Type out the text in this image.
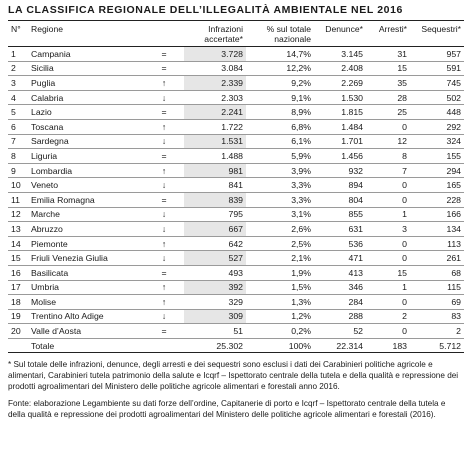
LA CLASSIFICA REGIONALE DELL’ILLEGALITÀ AMBIENTALE NEL 2016
N°	Regione		Infrazioni accertate*	% sul totale nazionale	Denunce*	Arresti*	Sequestri*
1	Campania	=	3.728	14,7%	3.145	31	957
2	Sicilia	=	3.084	12,2%	2.408	15	591
3	Puglia	↑	2.339	9,2%	2.269	35	745
4	Calabria	↓	2.303	9,1%	1.530	28	502
5	Lazio	=	2.241	8,9%	1.815	25	448
6	Toscana	↑	1.722	6,8%	1.484	0	292
7	Sardegna	↓	1.531	6,1%	1.701	12	324
8	Liguria	=	1.488	5,9%	1.456	8	155
9	Lombardia	↑	981	3,9%	932	7	294
10	Veneto	↓	841	3,3%	894	0	165
11	Emilia Romagna	=	839	3,3%	804	0	228
12	Marche	↓	795	3,1%	855	1	166
13	Abruzzo	↓	667	2,6%	631	3	134
14	Piemonte	↑	642	2,5%	536	0	113
15	Friuli Venezia Giulia	↓	527	2,1%	471	0	261
16	Basilicata	=	493	1,9%	413	15	68
17	Umbria	↑	392	1,5%	346	1	115
18	Molise	↑	329	1,3%	284	0	69
19	Trentino Alto Adige	↓	309	1,2%	288	2	83
20	Valle d’Aosta	=	51	0,2%	52	0	2
	Totale		25.302	100%	22.314	183	5.712

* Sul totale delle infrazioni, denunce, degli arresti e dei sequestri sono esclusi i dati dei Carabinieri politiche agricole e alimentari, Carabinieri tutela patrimonio della salute e Icqrf – Ispettorato centrale della tutela e della qualità e repressione dei prodotti agroalimentari del Ministero delle politiche agricole alimentari e forestali anno 2016.

Fonte: elaborazione Legambiente su dati forze dell’ordine, Capitanerie di porto e Icqrf – Ispettorato centrale della tutela e della qualità e repressione dei prodotti agroalimentari del Ministero delle politiche agricole alimentari e forestali (2016).
